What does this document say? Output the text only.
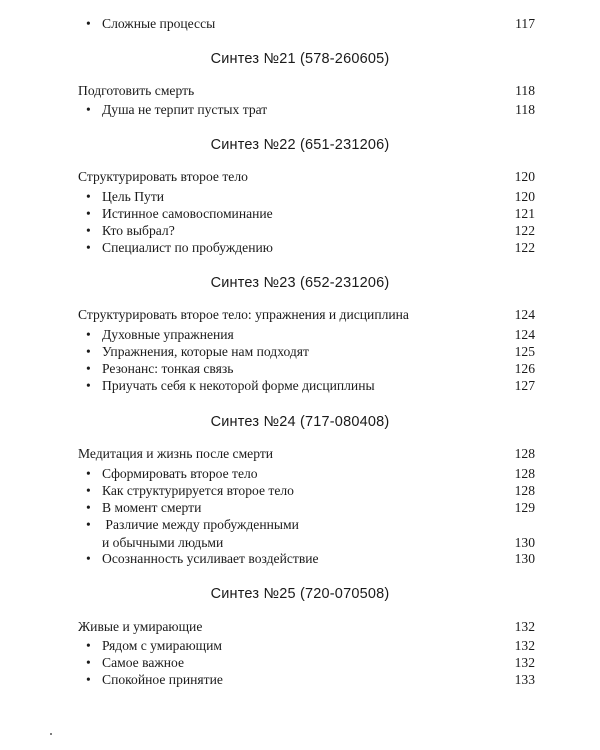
• Сложные процессы	117
Синтез №21 (578-260605)
Подготовить смерть	118
• Душа не терпит пустых трат	118
Синтез №22 (651-231206)
Структурировать второе тело	120
• Цель Пути	120
• Истинное самовоспоминание	121
• Кто выбрал?	122
• Специалист по пробуждению	122
Синтез №23 (652-231206)
Структурировать второе тело: упражнения и дисциплина	124
• Духовные упражнения	124
• Упражнения, которые нам подходят	125
• Резонанс: тонкая связь	126
• Приучать себя к некоторой форме дисциплины	127
Синтез №24 (717-080408)
Медитация и жизнь после смерти	128
• Сформировать второе тело	128
• Как структурируется второе тело	128
• В момент смерти	129
• Различие между пробужденными
и обычными людьми	130
• Осознанность усиливает воздействие	130
Синтез №25 (720-070508)
Живые и умирающие	132
• Рядом с умирающим	132
• Самое важное	132
• Спокойное принятие	133
